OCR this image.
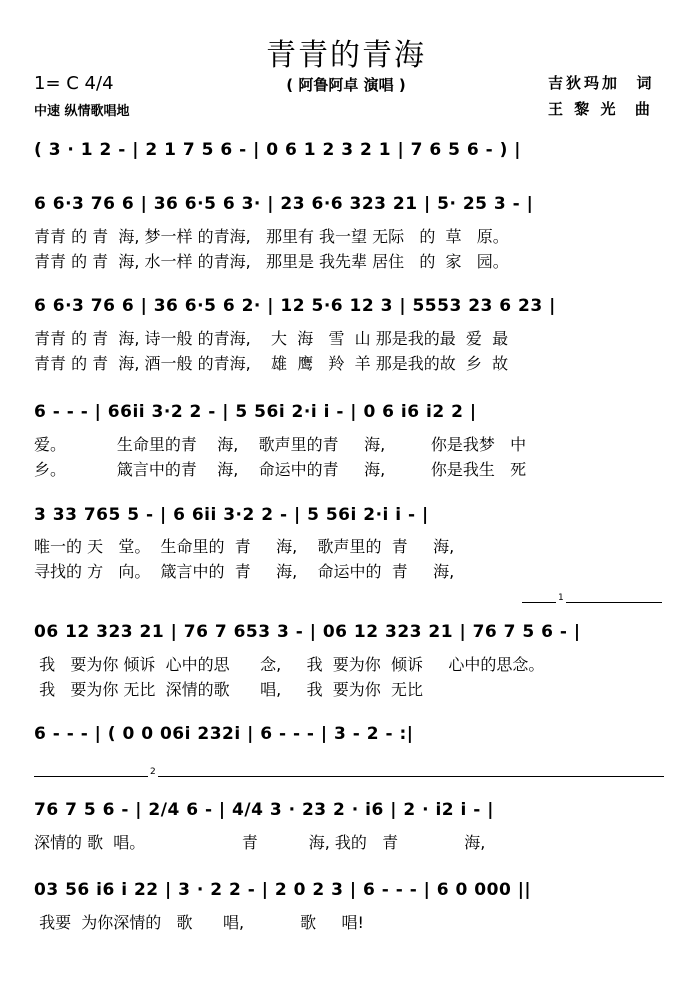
青青的青海
( 阿鲁阿卓 演唱 )
1= C 4/4
中速 纵情歌唱地
吉狄玛加  词
王 黎 光  曲
( 3 · 1 2 - | 2 1 7 5 6 - | 0 6 1 2 3 2 1 | 7 6 5 6 - ) |
6 6·3 76 6 | 36 6·5 6 3· | 23 6·6 323 21 | 5· 25 3 - |
青青 的 青  海, 梦一样 的青海,   那里有 我一望 无际   的  草   原。
青青 的 青  海, 水一样 的青海,   那里是 我先辈 居住   的  家   园。
6 6·3 76 6 | 36 6·5 6 2· | 12 5·6 12 3 | 5553 23 6 23 |
青青 的 青  海, 诗一般 的青海,    大  海   雪  山 那是我的最  爱  最
青青 的 青  海, 酒一般 的青海,    雄  鹰   羚  羊 那是我的故  乡  故
6 - - - | 66ii 3·2 2 - | 5 56i 2·i i - | 0 6 i6 i2 2 |
爱。          生命里的青    海,    歌声里的青     海,         你是我梦   中
乡。          箴言中的青    海,    命运中的青     海,         你是我生   死
3 33 765 5 - | 6 6ii 3·2 2 - | 5 56i 2·i i - |
唯一的 天   堂。  生命里的  青     海,    歌声里的  青     海,
寻找的 方   向。  箴言中的  青     海,    命运中的  青     海,
1
06 12 323 21 | 76 7 653 3 - | 06 12 323 21 | 76 7 5 6 - |
我   要为你 倾诉  心中的思      念,     我  要为你  倾诉     心中的思念。
我   要为你 无比  深情的歌      唱,     我  要为你  无比
6 - - - | ( 0 0 06i 232i | 6 - - - | 3 - 2 - :|
2
76 7 5 6 - | 2/4 6 - | 4/4 3 · 23 2 · i6 | 2 · i2 i - |
深情的 歌  唱。                   青          海, 我的   青             海,
03 56 i6 i 22 | 3 · 2 2 - | 2 0 2 3 | 6 - - - | 6 0 000 ||
我要  为你深情的   歌      唱,           歌     唱!
